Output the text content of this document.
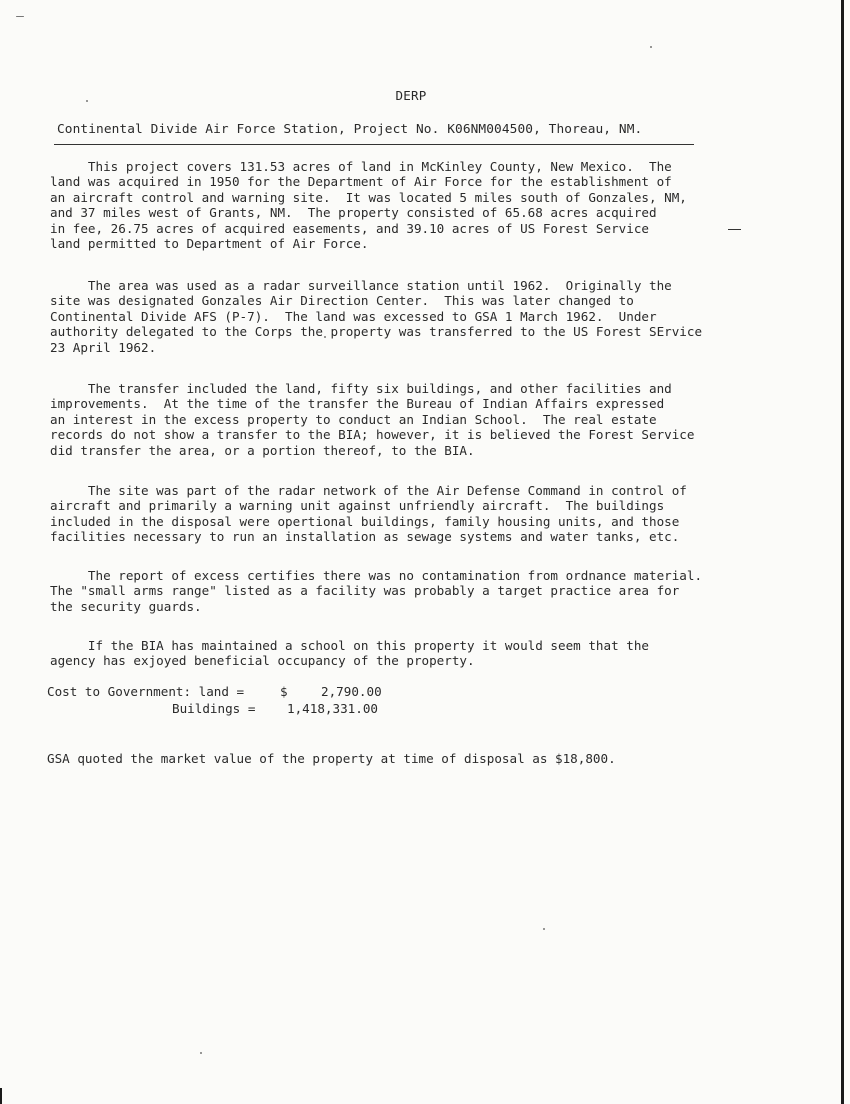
DERP
Continental Divide Air Force Station, Project No. K06NM004500, Thoreau, NM.
This project covers 131.53 acres of land in McKinley County, New Mexico.  The
land was acquired in 1950 for the Department of Air Force for the establishment of
an aircraft control and warning site.  It was located 5 miles south of Gonzales, NM,
and 37 miles west of Grants, NM.  The property consisted of 65.68 acres acquired
in fee, 26.75 acres of acquired easements, and 39.10 acres of US Forest Service
land permitted to Department of Air Force.
The area was used as a radar surveillance station until 1962.  Originally the
site was designated Gonzales Air Direction Center.  This was later changed to
Continental Divide AFS (P-7).  The land was excessed to GSA 1 March 1962.  Under
authority delegated to the Corps the property was transferred to the US Forest SErvice
23 April 1962.
The transfer included the land, fifty six buildings, and other facilities and
improvements.  At the time of the transfer the Bureau of Indian Affairs expressed
an interest in the excess property to conduct an Indian School.  The real estate
records do not show a transfer to the BIA; however, it is believed the Forest Service
did transfer the area, or a portion thereof, to the BIA.
The site was part of the radar network of the Air Defense Command in control of
aircraft and primarily a warning unit against unfriendly aircraft.  The buildings
included in the disposal were opertional buildings, family housing units, and those
facilities necessary to run an installation as sewage systems and water tanks, etc.
The report of excess certifies there was no contamination from ordnance material.
The "small arms range" listed as a facility was probably a target practice area for
the security guards.
If the BIA has maintained a school on this property it would seem that the
agency has exjoyed beneficial occupancy of the property.
Cost to Government: land =	$	2,790.00
Buildings =	1,418,331.00
GSA quoted the market value of the property at time of disposal as $18,800.
